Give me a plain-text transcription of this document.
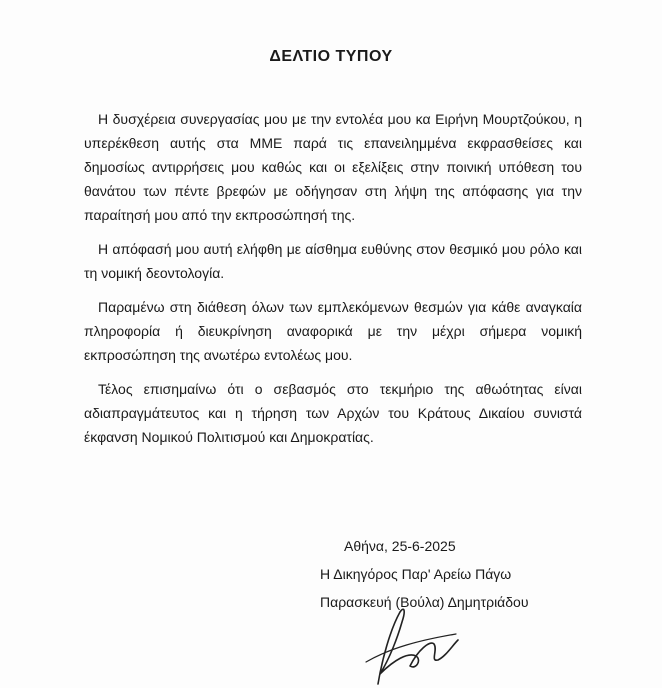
ΔΕΛΤΙΟ ΤΥΠΟΥ

Η δυσχέρεια συνεργασίας μου με την εντολέα μου κα Ειρήνη Μουρτζούκου, η υπερέκθεση αυτής στα ΜΜΕ παρά τις επανειλημμένα εκφρασθείσες και δημοσίως αντιρρήσεις μου καθώς και οι εξελίξεις στην ποινική υπόθεση του θανάτου των πέντε βρεφών με οδήγησαν στη λήψη της απόφασης για την παραίτησή μου από την εκπροσώπησή της.

Η απόφασή μου αυτή ελήφθη με αίσθημα ευθύνης στον θεσμικό μου ρόλο και τη νομική δεοντολογία.

Παραμένω στη διάθεση όλων των εμπλεκόμενων θεσμών για κάθε αναγκαία πληροφορία ή διευκρίνηση αναφορικά με την μέχρι σήμερα νομική εκπροσώπηση της ανωτέρω εντολέως μου.

Τέλος επισημαίνω ότι ο σεβασμός στο τεκμήριο της αθωότητας είναι αδιαπραγμάτευτος και η τήρηση των Αρχών του Κράτους Δικαίου συνιστά έκφανση Νομικού Πολιτισμού και Δημοκρατίας.

Αθήνα, 25-6-2025
Η Δικηγόρος Παρ' Αρείω Πάγω
Παρασκευή (Βούλα) Δημητριάδου
